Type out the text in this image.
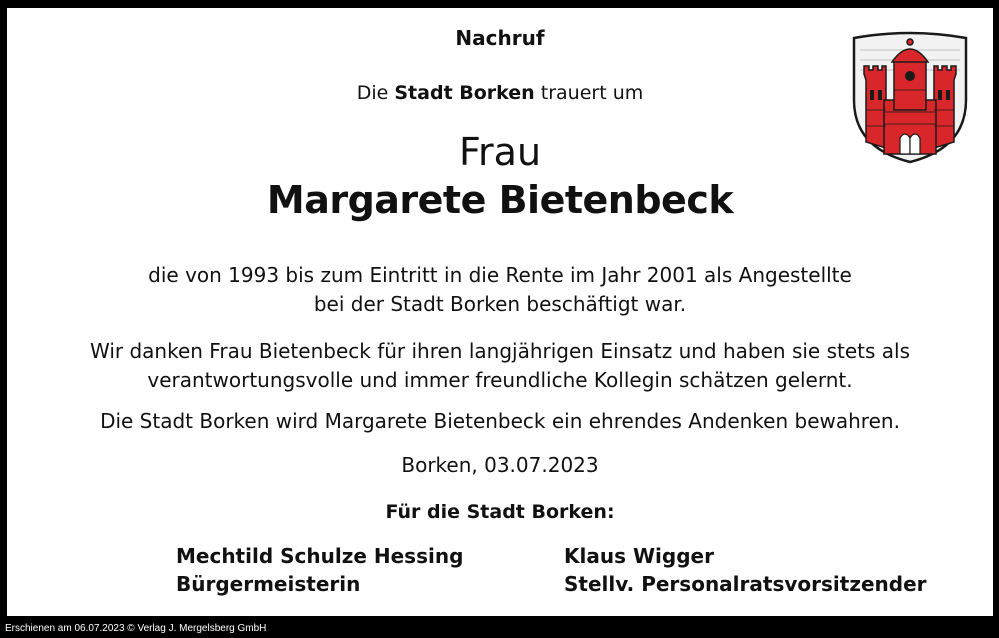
Nachruf
Die Stadt Borken trauert um
Frau
Margarete Bietenbeck
die von 1993 bis zum Eintritt in die Rente im Jahr 2001 als Angestellte
bei der Stadt Borken beschäftigt war.
Wir danken Frau Bietenbeck für ihren langjährigen Einsatz und haben sie stets als
verantwortungsvolle und immer freundliche Kollegin schätzen gelernt.
Die Stadt Borken wird Margarete Bietenbeck ein ehrendes Andenken bewahren.
Borken, 03.07.2023
Für die Stadt Borken:
Mechtild Schulze Hessing
Bürgermeisterin
Klaus Wigger
Stellv. Personalratsvorsitzender
Erschienen am 06.07.2023 © Verlag J. Mergelsberg GmbH
